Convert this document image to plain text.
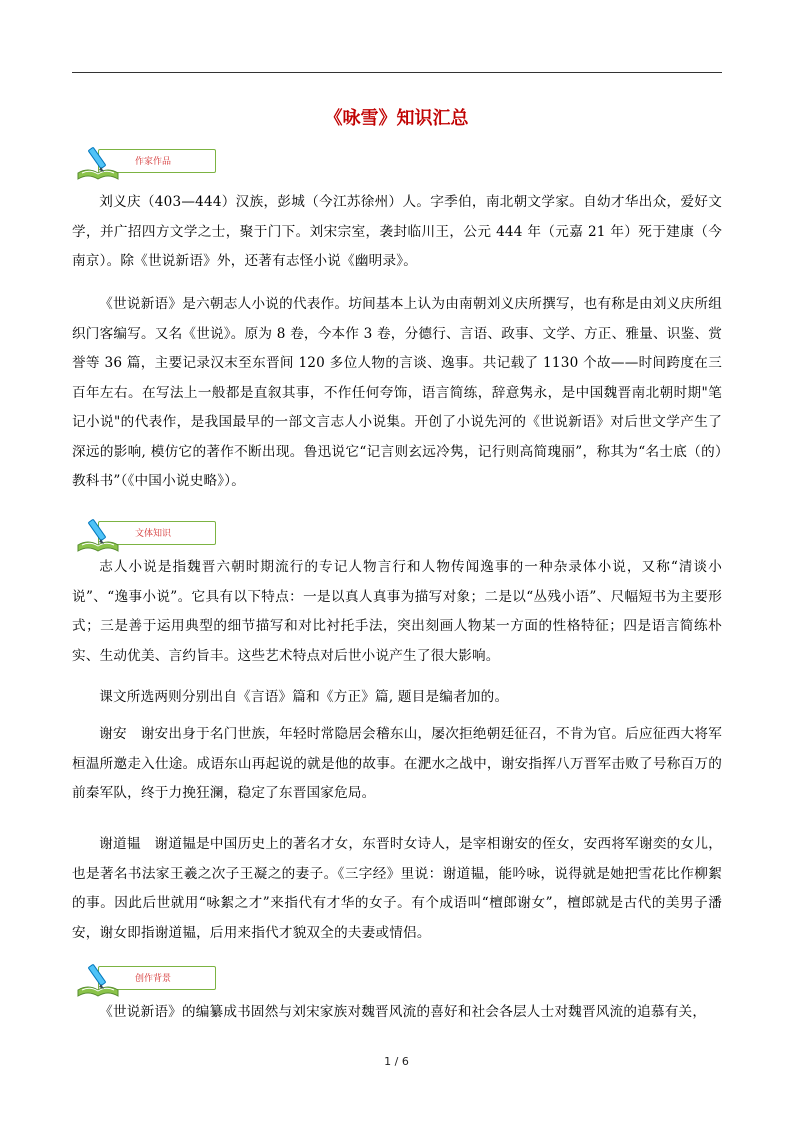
《咏雪》知识汇总
作家作品

刘义庆（403—444）汉族，彭城（今江苏徐州）人。字季伯，南北朝文学家。自幼才华出众，爱好文学，并广招四方文学之士，聚于门下。刘宋宗室，袭封临川王，公元 444 年（元嘉 21 年）死于建康（今南京）。除《世说新语》外，还著有志怪小说《幽明录》。

《世说新语》是六朝志人小说的代表作。坊间基本上认为由南朝刘义庆所撰写，也有称是由刘义庆所组织门客编写。又名《世说》。原为 8 卷，今本作 3 卷，分德行、言语、政事、文学、方正、雅量、识鉴、赏誉等 36 篇，主要记录汉末至东晋间 120 多位人物的言谈、逸事。共记载了 1130 个故——时间跨度在三百年左右。在写法上一般都是直叙其事，不作任何夸饰，语言简练，辞意隽永，是中国魏晋南北朝时期"笔记小说"的代表作，是我国最早的一部文言志人小说集。开创了小说先河的《世说新语》对后世文学产生了深远的影响, 模仿它的著作不断出现。鲁迅说它“记言则玄远冷隽，记行则高简瑰丽”，称其为“名士底（的）教科书”（《中国小说史略》）。

文体知识

志人小说是指魏晋六朝时期流行的专记人物言行和人物传闻逸事的一种杂录体小说，又称“清谈小说”、“逸事小说”。它具有以下特点：一是以真人真事为描写对象；二是以“丛残小语”、尺幅短书为主要形式；三是善于运用典型的细节描写和对比衬托手法，突出刻画人物某一方面的性格特征；四是语言简练朴实、生动优美、言约旨丰。这些艺术特点对后世小说产生了很大影响。

课文所选两则分别出自《言语》篇和《方正》篇, 题目是编者加的。

谢安　谢安出身于名门世族，年轻时常隐居会稽东山，屡次拒绝朝廷征召，不肯为官。后应征西大将军桓温所邀走入仕途。成语东山再起说的就是他的故事。在淝水之战中，谢安指挥八万晋军击败了号称百万的前秦军队，终于力挽狂澜，稳定了东晋国家危局。

谢道韫　谢道韫是中国历史上的著名才女，东晋时女诗人，是宰相谢安的侄女，安西将军谢奕的女儿，也是著名书法家王羲之次子王凝之的妻子。《三字经》里说：谢道韫，能吟咏，说得就是她把雪花比作柳絮的事。因此后世就用“咏絮之才”来指代有才华的女子。有个成语叫“檀郎谢女”，檀郎就是古代的美男子潘安，谢女即指谢道韫，后用来指代才貌双全的夫妻或情侣。

创作背景

《世说新语》的编纂成书固然与刘宋家族对魏晋风流的喜好和社会各层人士对魏晋风流的追慕有关，

1 / 6
